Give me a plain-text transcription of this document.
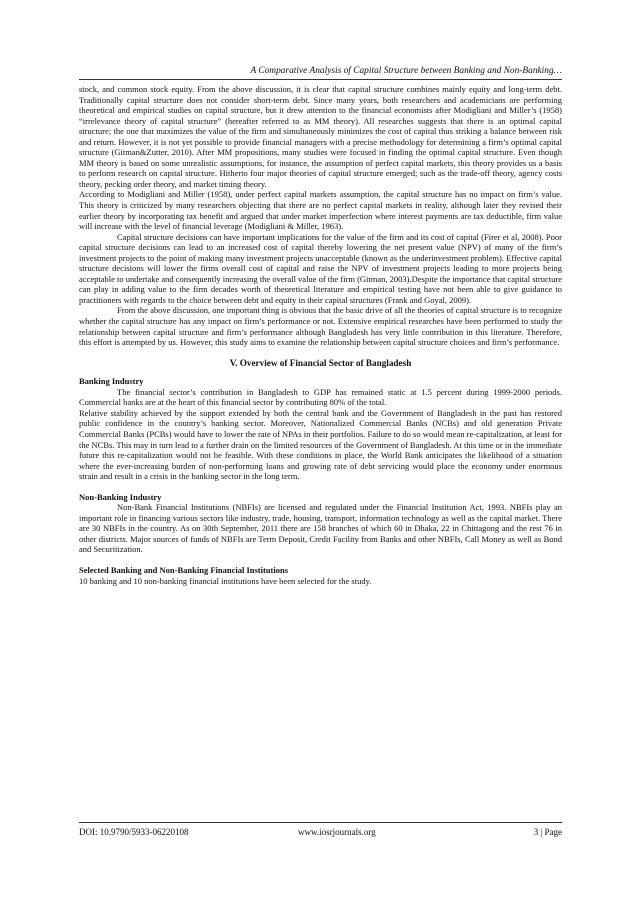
A Comparative Analysis of Capital Structure between Banking and Non-Banking…

stock, and common stock equity. From the above discussion, it is clear that capital structure combines mainly equity and long-term debt. Traditionally capital structure does not consider short-term debt. Since many years, both researchers and academicians are performing theoretical and empirical studies on capital structure, but it drew attention to the financial economists after Modigliani and Miller’s (1958) “irrelevance theory of capital structure” (hereafter referred to as MM theory). All researches suggests that there is an optimal capital structure; the one that maximizes the value of the firm and simultaneously minimizes the cost of capital thus striking a balance between risk and return. However, it is not yet possible to provide financial managers with a precise methodology for determining a firm’s optimal capital structure (Gitman&Zutter, 2010). After MM propositions, many studies were focused in finding the optimal capital structure. Even though MM theory is based on some unrealistic assumptions, for instance, the assumption of perfect capital markets, this theory provides us a basis to perform research on capital structure. Hitherto four major theories of capital structure emerged; such as the trade-off theory, agency costs theory, pecking order theory, and market timing theory.

According to Modigliani and Miller (1958), under perfect capital markets assumption, the capital structure has no impact on firm’s value. This theory is criticized by many researchers objecting that there are no perfect capital markets in reality, although later they revised their earlier theory by incorporating tax benefit and argued that under market imperfection where interest payments are tax deductible, firm value will increase with the level of financial leverage (Modigliani & Miller, 1963).

Capital structure decisions can have important implications for the value of the firm and its cost of capital (Firer et al, 2008). Poor capital structure decisions can lead to an increased cost of capital thereby lowering the net present value (NPV) of many of the firm’s investment projects to the point of making many investment projects unacceptable (known as the underinvestment problem). Effective capital structure decisions will lower the firms overall cost of capital and raise the NPV of investment projects leading to more projects being acceptable to undertake and consequently increasing the overall value of the firm (Gitman, 2003).Despite the importance that capital structure can play in adding value to the firm decades worth of theoretical literature and empirical testing have not been able to give guidance to practitioners with regards to the choice between debt and equity in their capital structures (Frank and Goyal, 2009).

From the above discussion, one important thing is obvious that the basic drive of all the theories of capital structure is to recognize whether the capital structure has any impact on firm’s performance or not. Extensive empirical researches have been performed to study the relationship between capital structure and firm’s performance although Bangladesh has very little contribution in this literature. Therefore, this effort is attempted by us. However, this study aims to examine the relationship between capital structure choices and firm’s performance.

V. Overview of Financial Sector of Bangladesh

Banking Industry

The financial sector’s contribution in Bangladesh to GDP has remained static at 1.5 percent during 1999-2000 periods. Commercial banks are at the heart of this financial sector by contributing 80% of the total.

Relative stability achieved by the support extended by both the central bank and the Government of Bangladesh in the past has restored public confidence in the country’s banking sector. Moreover, Nationalized Commercial Banks (NCBs) and old generation Private Commercial Banks (PCBs) would have to lower the rate of NPAs in their portfolios. Failure to do so would mean re-capitalization, at least for the NCBs. This may in turn lead to a further drain on the limited resources of the Government of Bangladesh. At this time or in the immediate future this re-capitalization would not be feasible. With these conditions in place, the World Bank anticipates the likelihood of a situation where the ever-increasing burden of non-performing loans and growing rate of debt servicing would place the economy under enormous strain and result in a crisis in the banking sector in the long term.

Non-Banking Industry

Non-Bank Financial Institutions (NBFIs) are licensed and regulated under the Financial Institution Act, 1993. NBFIs play an important role in financing various sectors like industry, trade, housing, transport, information technology as well as the capital market. There are 30 NBFIs in the country. As on 30th September, 2011 there are 158 branches of which 60 in Dhaka, 22 in Chittagong and the rest 76 in other districts. Major sources of funds of NBFIs are Term Deposit, Credit Facility from Banks and other NBFIs, Call Money as well as Bond and Securitization.

Selected Banking and Non-Banking Financial Institutions

10 banking and 10 non-banking financial institutions have been selected for the study.

DOI: 10.9790/5933-06220108	www.iosrjournals.org	3 | Page
